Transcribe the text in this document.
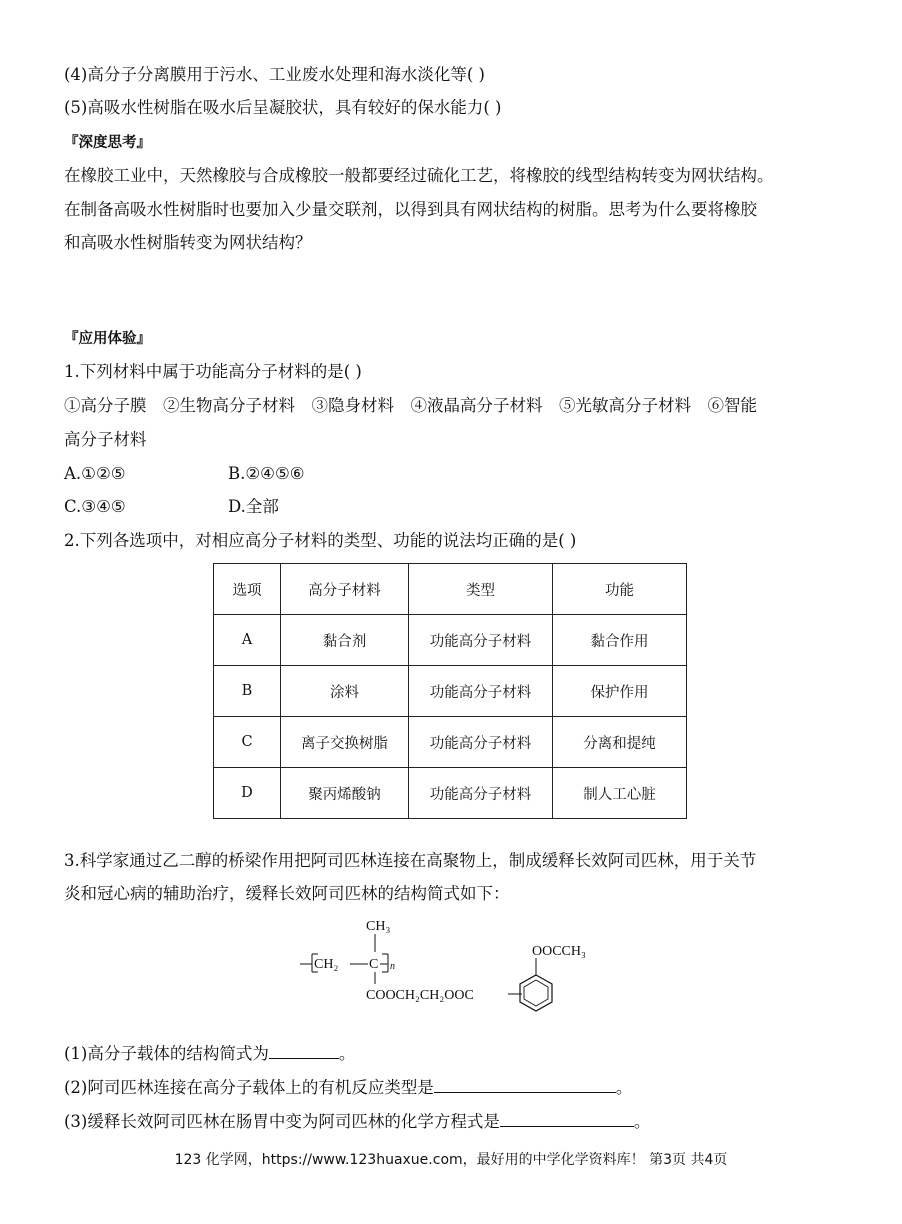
(4)高分子分离膜用于污水、工业废水处理和海水淡化等( )
(5)高吸水性树脂在吸水后呈凝胶状，具有较好的保水能力( )
『深度思考』
在橡胶工业中，天然橡胶与合成橡胶一般都要经过硫化工艺，将橡胶的线型结构转变为网状结构。
在制备高吸水性树脂时也要加入少量交联剂，以得到具有网状结构的树脂。思考为什么要将橡胶
和高吸水性树脂转变为网状结构？
『应用体验』
1.下列材料中属于功能高分子材料的是( )
①高分子膜　②生物高分子材料　③隐身材料　④液晶高分子材料　⑤光敏高分子材料　⑥智能
高分子材料
A.①②⑤	B.②④⑤⑥
C.③④⑤	D.全部
2.下列各选项中，对相应高分子材料的类型、功能的说法均正确的是( )
选项	高分子材料	类型	功能
A	黏合剂	功能高分子材料	黏合作用
B	涂料	功能高分子材料	保护作用
C	离子交换树脂	功能高分子材料	分离和提纯
D	聚丙烯酸钠	功能高分子材料	制人工心脏
3.科学家通过乙二醇的桥梁作用把阿司匹林连接在高聚物上，制成缓释长效阿司匹林，用于关节
炎和冠心病的辅助治疗，缓释长效阿司匹林的结构简式如下：
CH₂ C n
CH₃
COOCH₂CH₂OOC
OOCCH₃
(1)高分子载体的结构简式为	。
(2)阿司匹林连接在高分子载体上的有机反应类型是	。
(3)缓释长效阿司匹林在肠胃中变为阿司匹林的化学方程式是	。
123 化学网，https://www.123huaxue.com，最好用的中学化学资料库！ 第3页 共4页
